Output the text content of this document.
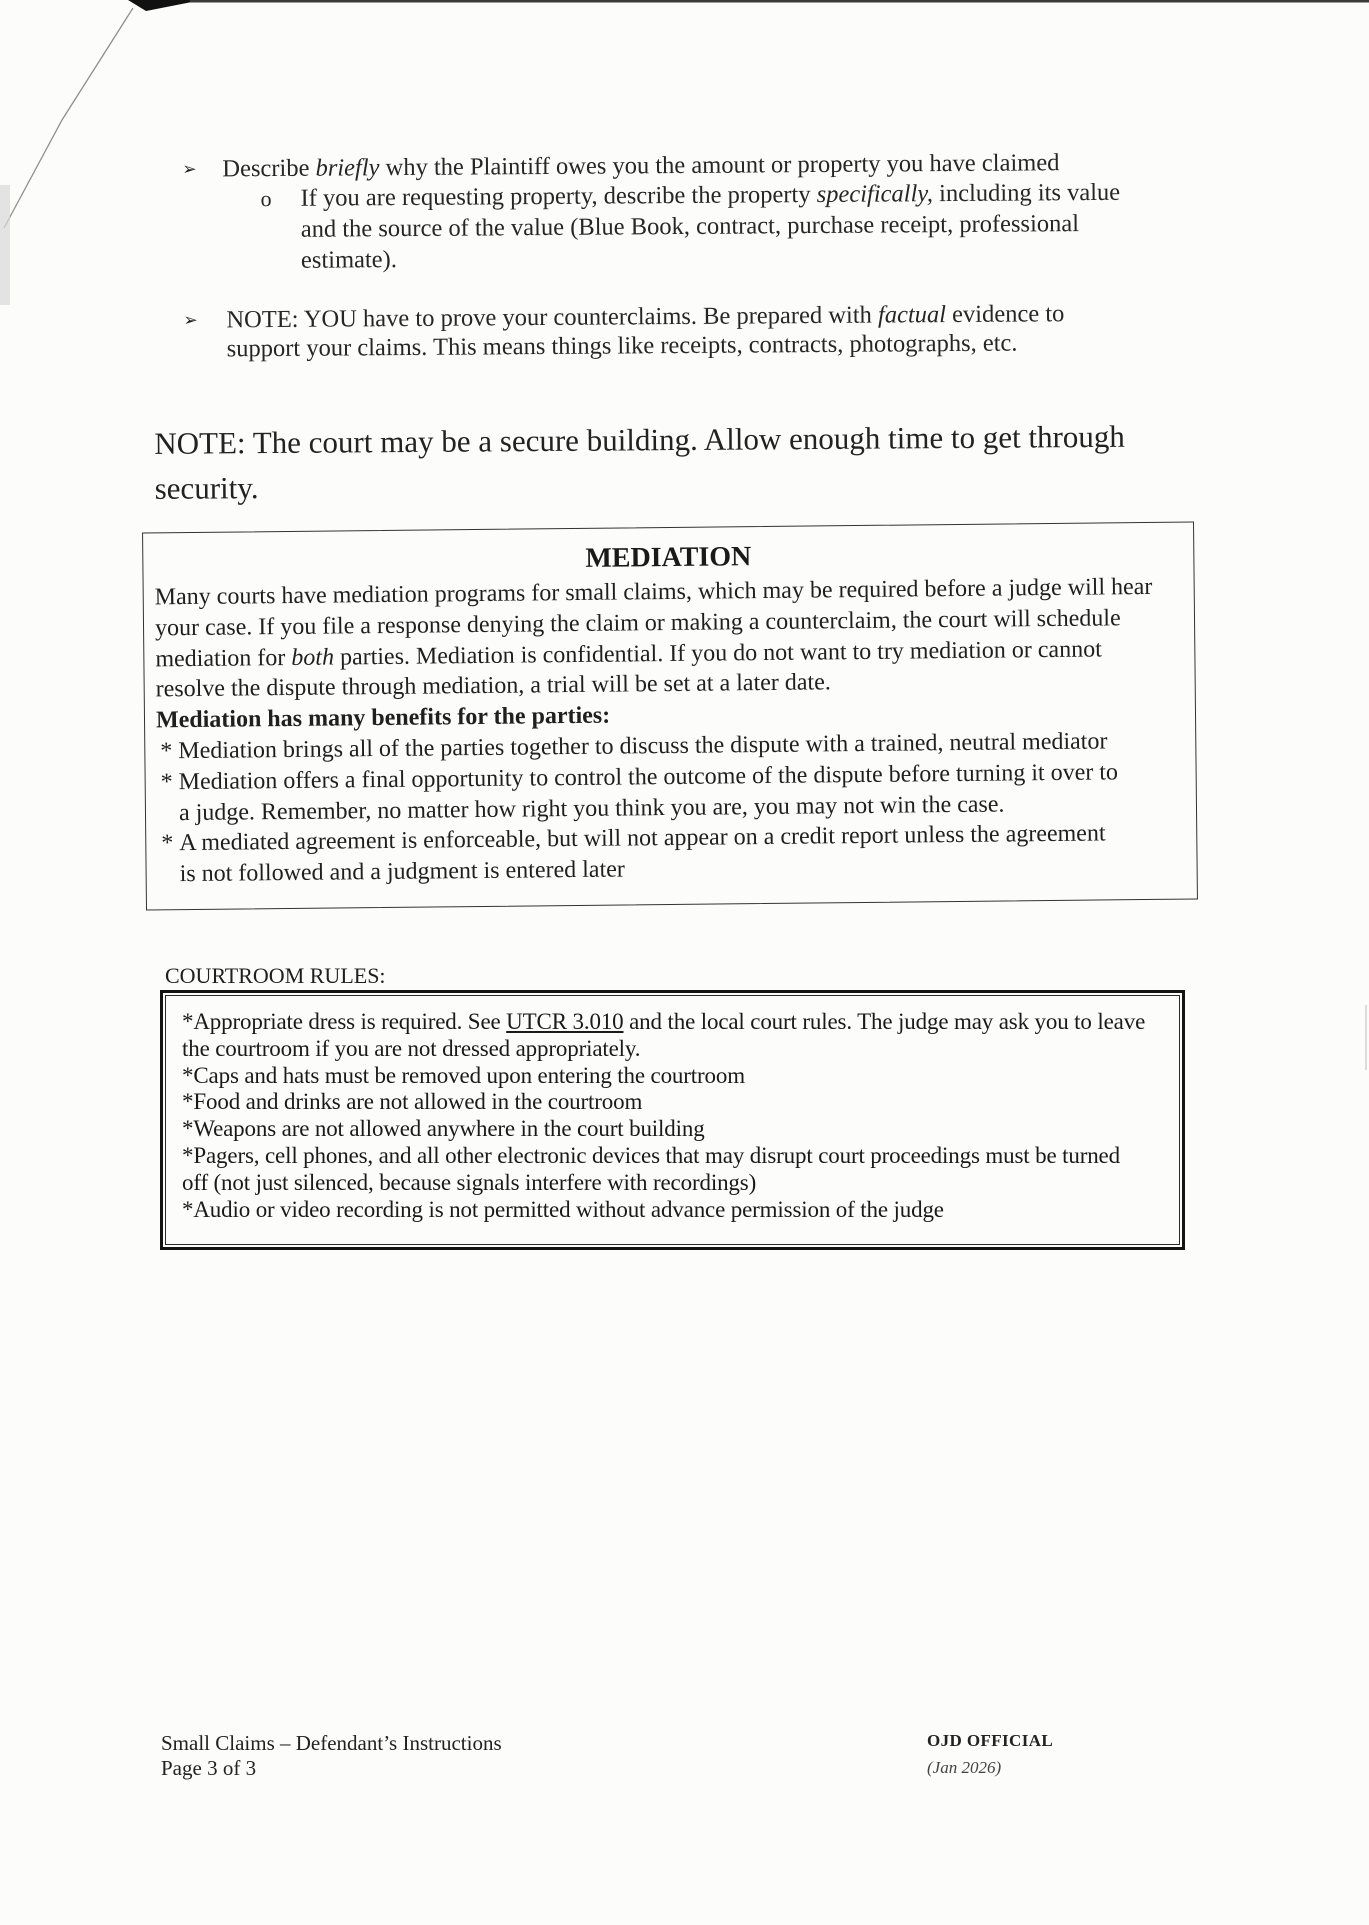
➢ Describe briefly why the Plaintiff owes you the amount or property you have claimed
o If you are requesting property, describe the property specifically, including its value
and the source of the value (Blue Book, contract, purchase receipt, professional
estimate).
➢ NOTE: YOU have to prove your counterclaims. Be prepared with factual evidence to
support your claims. This means things like receipts, contracts, photographs, etc.
NOTE: The court may be a secure building. Allow enough time to get through
security.
MEDIATION
Many courts have mediation programs for small claims, which may be required before a judge will hear
your case. If you file a response denying the claim or making a counterclaim, the court will schedule
mediation for both parties. Mediation is confidential. If you do not want to try mediation or cannot
resolve the dispute through mediation, a trial will be set at a later date.
Mediation has many benefits for the parties:
* Mediation brings all of the parties together to discuss the dispute with a trained, neutral mediator
* Mediation offers a final opportunity to control the outcome of the dispute before turning it over to
a judge. Remember, no matter how right you think you are, you may not win the case.
* A mediated agreement is enforceable, but will not appear on a credit report unless the agreement
is not followed and a judgment is entered later
COURTROOM RULES:
*Appropriate dress is required. See UTCR 3.010 and the local court rules. The judge may ask you to leave
the courtroom if you are not dressed appropriately.
*Caps and hats must be removed upon entering the courtroom
*Food and drinks are not allowed in the courtroom
*Weapons are not allowed anywhere in the court building
*Pagers, cell phones, and all other electronic devices that may disrupt court proceedings must be turned
off (not just silenced, because signals interfere with recordings)
*Audio or video recording is not permitted without advance permission of the judge
Small Claims – Defendant’s Instructions
Page 3 of 3
OJD OFFICIAL
(Jan 2026)
